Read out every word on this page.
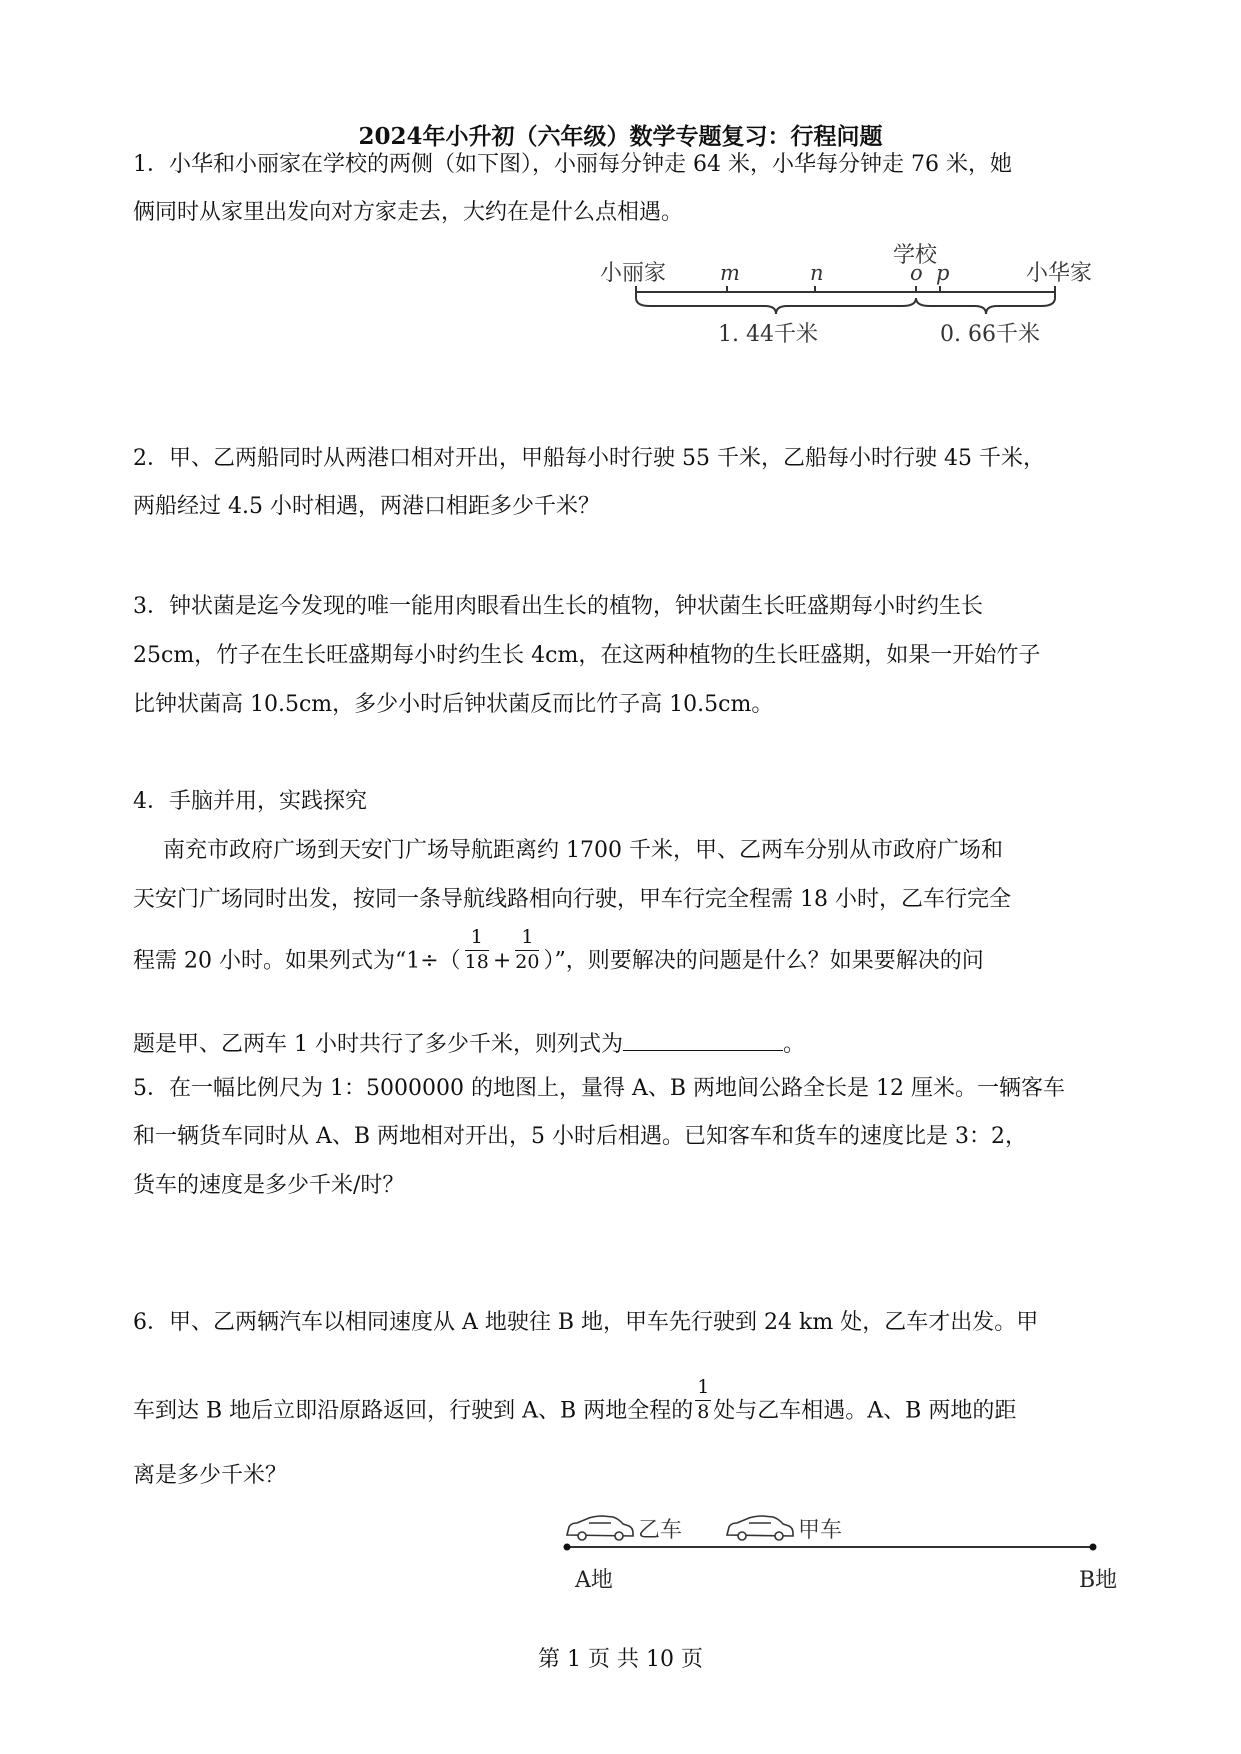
2024年小升初（六年级）数学专题复习：行程问题
1．小华和小丽家在学校的两侧（如下图），小丽每分钟走 64 米，小华每分钟走 76 米，她
俩同时从家里出发向对方家走去，大约在是什么点相遇。
小丽家	小华家
学校
m	n	o p
1. 44千米	0. 66千米
2．甲、乙两船同时从两港口相对开出，甲船每小时行驶 55 千米，乙船每小时行驶 45 千米，
两船经过 4.5 小时相遇，两港口相距多少千米？
3．钟状菌是迄今发现的唯一能用肉眼看出生长的植物，钟状菌生长旺盛期每小时约生长
25cm，竹子在生长旺盛期每小时约生长 4cm，在这两种植物的生长旺盛期，如果一开始竹子
比钟状菌高 10.5cm，多少小时后钟状菌反而比竹子高 10.5cm。
4．手脑并用，实践探究
南充市政府广场到天安门广场导航距离约 1700 千米，甲、乙两车分别从市政府广场和
天安门广场同时出发，按同一条导航线路相向行驶，甲车行完全程需 18 小时，乙车行完全
程需 20 小时。如果列式为“$1\div( \frac{1}{18} + \frac{1}{20}$ ）”，则要解决的问题是什么？如果要解决的问
题是甲、乙两车 1 小时共行了多少千米，则列式为	。
5．在一幅比例尺为 1：5000000 的地图上，量得 A、B 两地间公路全长是 12 厘米。一辆客车
和一辆货车同时从 A、B 两地相对开出，5 小时后相遇。已知客车和货车的速度比是 3：2，
货车的速度是多少千米/时？
6．甲、乙两辆汽车以相同速度从 A 地驶往 B 地，甲车先行驶到 24 km 处，乙车才出发。甲
车到达 B 地后立即沿原路返回，行驶到 A、B 两地全程的 $\frac{1}{8}$ 处与乙车相遇。A、B 两地的距
离是多少千米？
乙车	甲车
A地	B地
第 1 页 共 10 页
